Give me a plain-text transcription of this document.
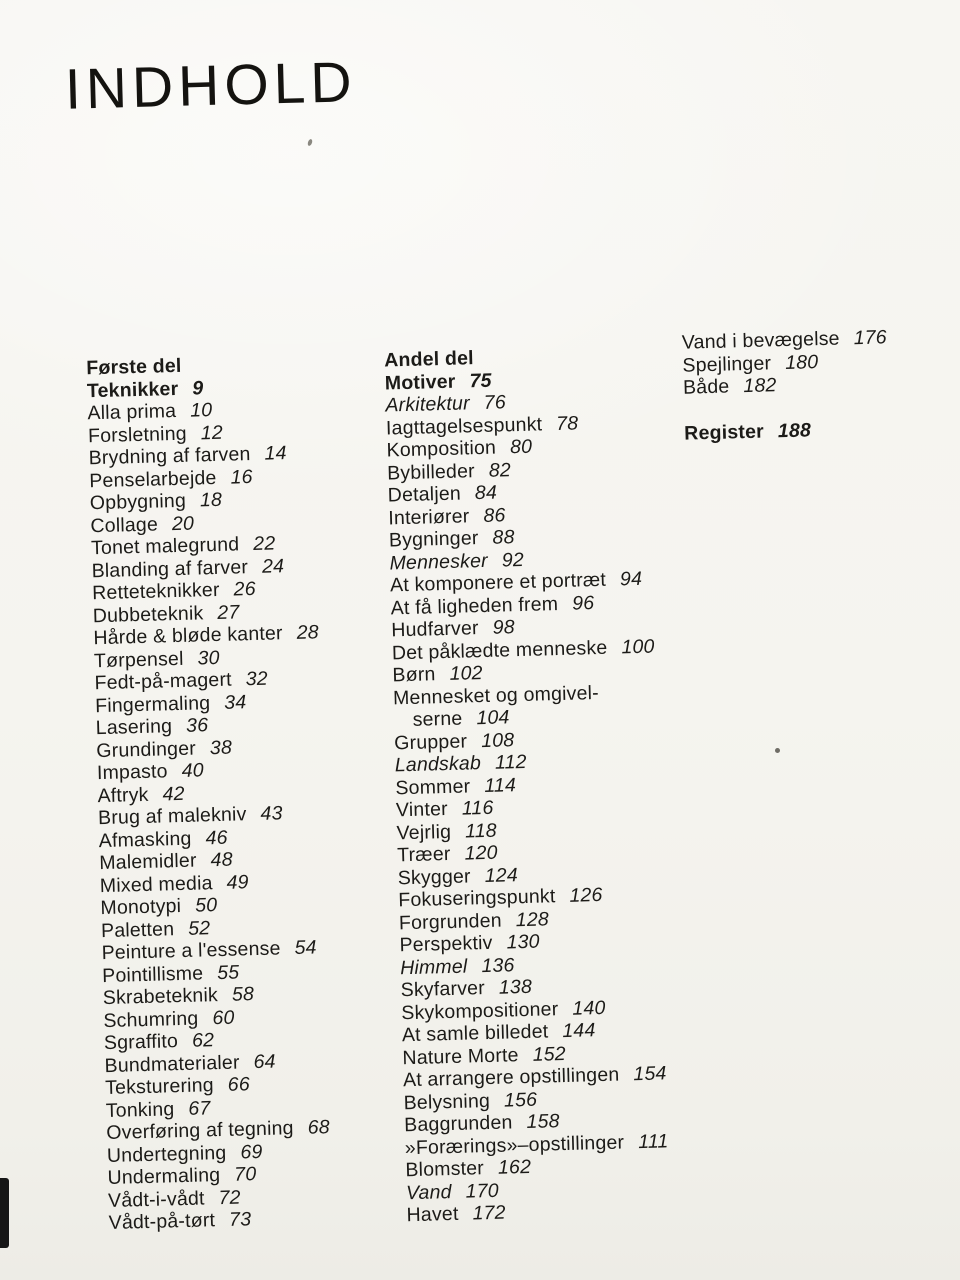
INDHOLD
Første del
Teknikker 9
Alla prima 10
Forsletning 12
Brydning af farven 14
Penselarbejde 16
Opbygning 18
Collage 20
Tonet malegrund 22
Blanding af farver 24
Retteteknikker 26
Dubbeteknik 27
Hårde & bløde kanter 28
Tørpensel 30
Fedt-på-magert 32
Fingermaling 34
Lasering 36
Grundinger 38
Impasto 40
Aftryk 42
Brug af malekniv 43
Afmasking 46
Malemidler 48
Mixed media 49
Monotypi 50
Paletten 52
Peinture a l'essense 54
Pointillisme 55
Skrabeteknik 58
Schumring 60
Sgraffito 62
Bundmaterialer 64
Teksturering 66
Tonking 67
Overføring af tegning 68
Undertegning 69
Undermaling 70
Vådt-i-vådt 72
Vådt-på-tørt 73
Andel del
Motiver 75
Arkitektur 76
Iagttagelsespunkt 78
Komposition 80
Bybilleder 82
Detaljen 84
Interiører 86
Bygninger 88
Mennesker 92
At komponere et portræt 94
At få ligheden frem 96
Hudfarver 98
Det påklædte menneske 100
Børn 102
Mennesket og omgivel-
serne 104
Grupper 108
Landskab 112
Sommer 114
Vinter 116
Vejrlig 118
Træer 120
Skygger 124
Fokuseringspunkt 126
Forgrunden 128
Perspektiv 130
Himmel 136
Skyfarver 138
Skykompositioner 140
At samle billedet 144
Nature Morte 152
At arrangere opstillingen 154
Belysning 156
Baggrunden 158
»Forærings»–opstillinger 111
Blomster 162
Vand 170
Havet 172
Vand i bevægelse 176
Spejlinger 180
Både 182
Register 188
